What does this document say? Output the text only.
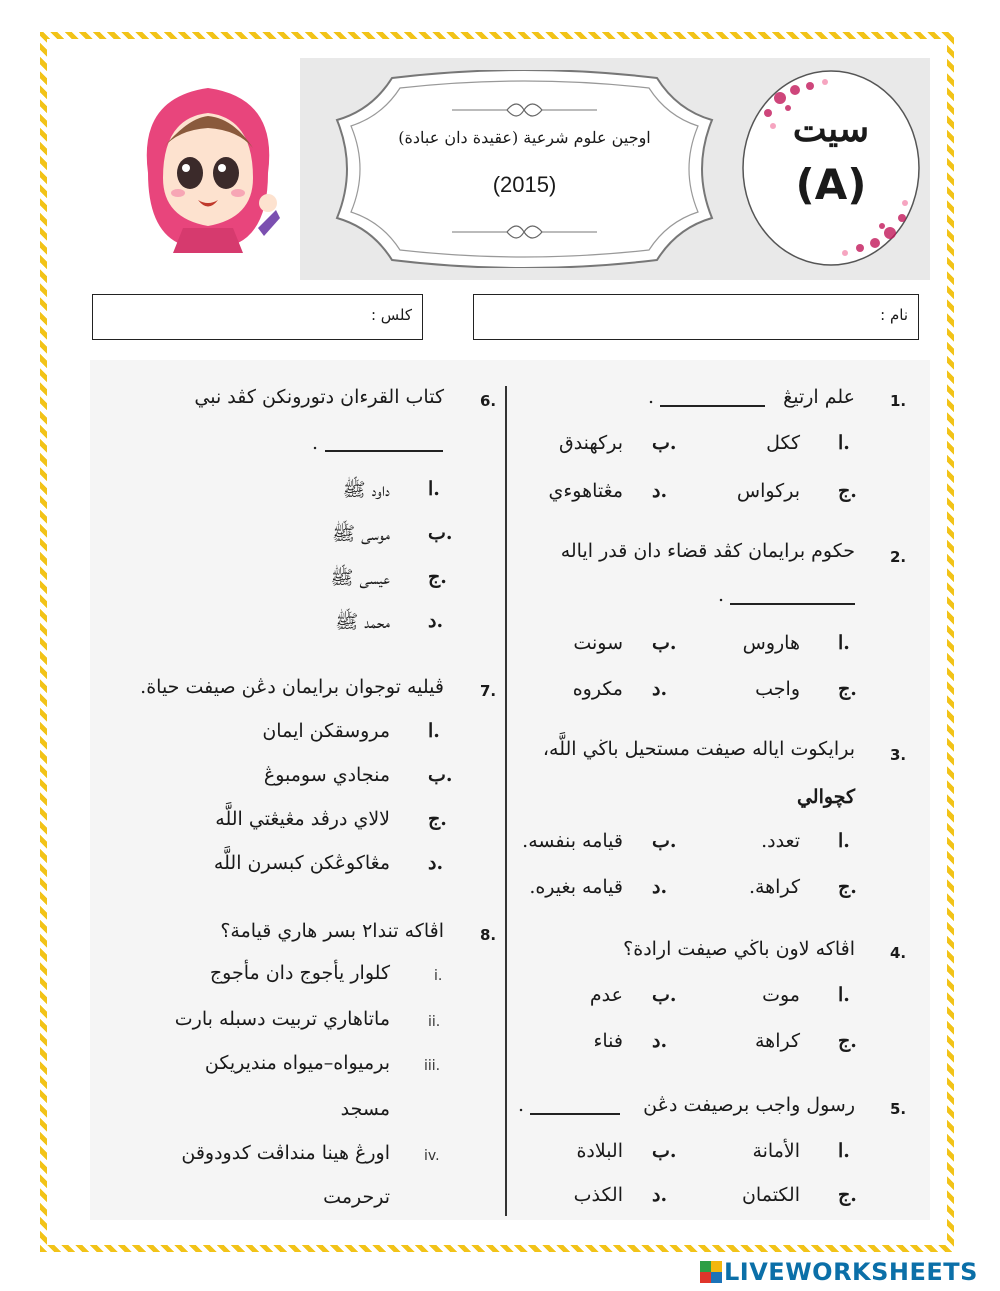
اوجين علوم شرعية (عقيدة دان عبادة)
(2015)
سيت
(A)
نام :
كلس :
1.
علم ارتيڠ
.
ا.
ككل
ب.
بركهندق
ج.
بركواس
د.
مڠتاهوءي
2.
حكوم برايمان كڤد قضاء دان قدر اياله
.
ا.
هاروس
ب.
سونت
ج.
واجب
د.
مكروه
3.
برايكوت اياله صيفت مستحيل باڬي اللَّه،
كچوالي
ا.
تعدد.
ب.
قيامه بنفسه.
ج.
كراهة.
د.
قيامه بغيره.
4.
اڤاكه لاون باڬي صيفت ارادة؟
ا.
موت
ب.
عدم
ج.
كراهة
د.
فناء
5.
رسول واجب برصيفت دڠن
.
ا.
الأمانة
ب.
البلادة
ج.
الكتمان
د.
الكذب
6.
كتاب القرءان دتورونكن كڤد نبي
.
ا.
داود ﷺ
ب.
موسى ﷺ
ج.
عيسى ﷺ
د.
محمد ﷺ
7.
ڤيليه توجوان برايمان دڠن صيفت حياة.
ا.
مروسقكن ايمان
ب.
منجادي سومبوڠ
ج.
لالاي درڤد مڠيڠتي اللَّه
د.
مڠاكوڠكن كبسرن اللَّه
8.
اڤاكه تندا٢ بسر هاري قيامة؟
i.
كلوار يأجوج دان مأجوج
ii.
ماتاهاري تربيت دسبله بارت
iii.
برميواه–ميواه منديريكن
مسجد
iv.
اورڠ هينا منداڤت كدودوقن
ترحرمت
LIVEWORKSHEETS
